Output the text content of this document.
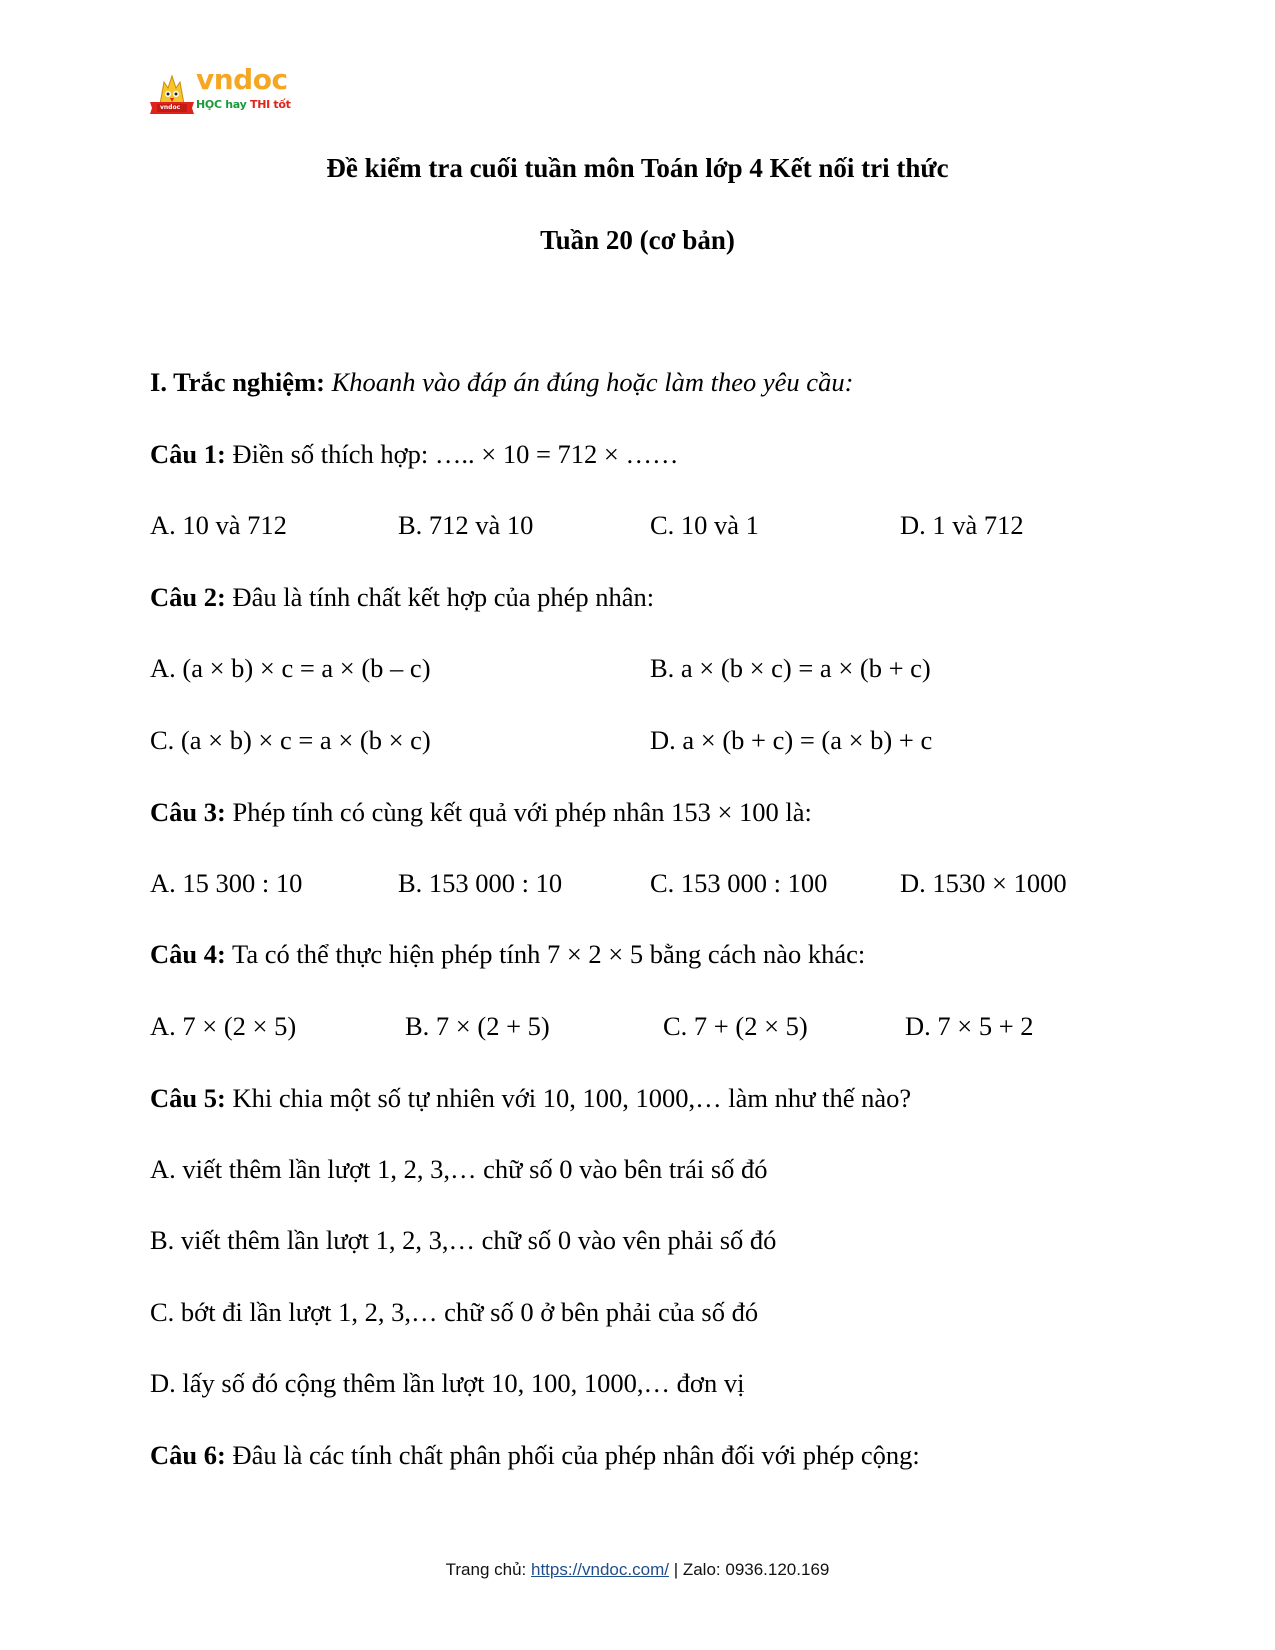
vndoc
vndoc
HỌC hay THI tốt
Đề kiểm tra cuối tuần môn Toán lớp 4 Kết nối tri thức
Tuần 20 (cơ bản)
I. Trắc nghiệm: Khoanh vào đáp án đúng hoặc làm theo yêu cầu:
Câu 1: Điền số thích hợp: ….. × 10 = 712 × ……
A. 10 và 712	B. 712 và 10	C. 10 và 1	D. 1 và 712
Câu 2: Đâu là tính chất kết hợp của phép nhân:
A. (a × b) × c = a × (b – c)	B. a × (b × c) = a × (b + c)
C. (a × b) × c = a × (b × c)	D. a × (b + c) = (a × b) + c
Câu 3: Phép tính có cùng kết quả với phép nhân 153 × 100 là:
A. 15 300 : 10	B. 153 000 : 10	C. 153 000 : 100	D. 1530 × 1000
Câu 4: Ta có thể thực hiện phép tính 7 × 2 × 5 bằng cách nào khác:
A. 7 × (2 × 5)	B. 7 × (2 + 5)	C. 7 + (2 × 5)	D. 7 × 5 + 2
Câu 5: Khi chia một số tự nhiên với 10, 100, 1000,… làm như thế nào?
A. viết thêm lần lượt 1, 2, 3,… chữ số 0 vào bên trái số đó
B. viết thêm lần lượt 1, 2, 3,… chữ số 0 vào vên phải số đó
C. bớt đi lần lượt 1, 2, 3,… chữ số 0 ở bên phải của số đó
D. lấy số đó cộng thêm lần lượt 10, 100, 1000,… đơn vị
Câu 6: Đâu là các tính chất phân phối của phép nhân đối với phép cộng:
Trang chủ: https://vndoc.com/ | Zalo: 0936.120.169
